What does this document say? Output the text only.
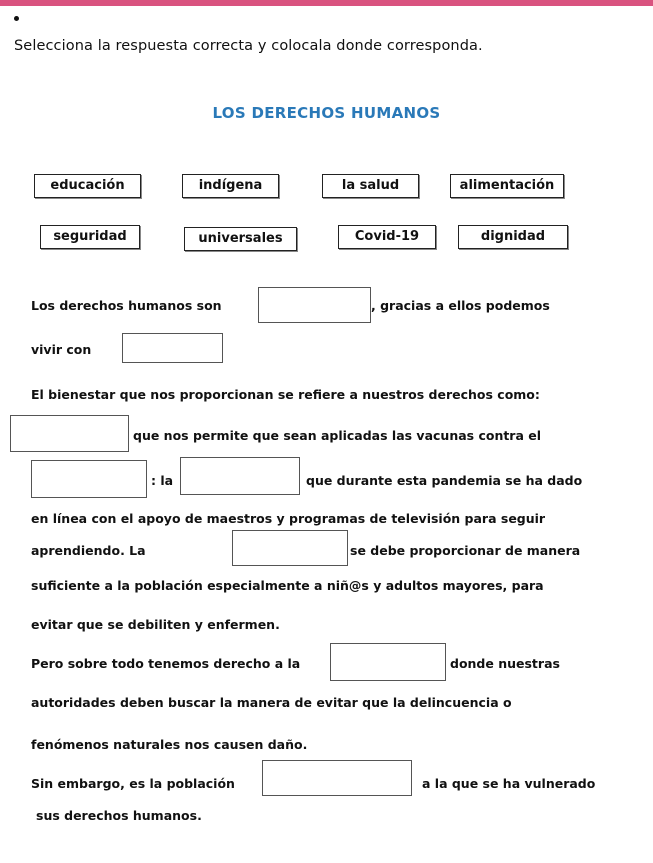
Selecciona la respuesta correcta y colocala donde corresponda.
LOS DERECHOS HUMANOS
educación	indígena	la salud	alimentación
seguridad	universales	Covid-19	dignidad
Los derechos humanos son	, gracias a ellos podemos
vivir con
El bienestar que nos proporcionan se refiere a nuestros derechos como:
que nos permite que sean aplicadas las vacunas contra el
: la	que durante esta pandemia se ha dado
en línea con el apoyo de maestros y programas de televisión para seguir
aprendiendo. La	se debe proporcionar de manera
suficiente a la población especialmente a niñ@s y adultos mayores, para
evitar que se debiliten y enfermen.
Pero sobre todo tenemos derecho a la	donde nuestras
autoridades deben buscar la manera de evitar que la delincuencia o
fenómenos naturales nos causen daño.
Sin embargo, es la población	a la que se ha vulnerado
sus derechos humanos.
